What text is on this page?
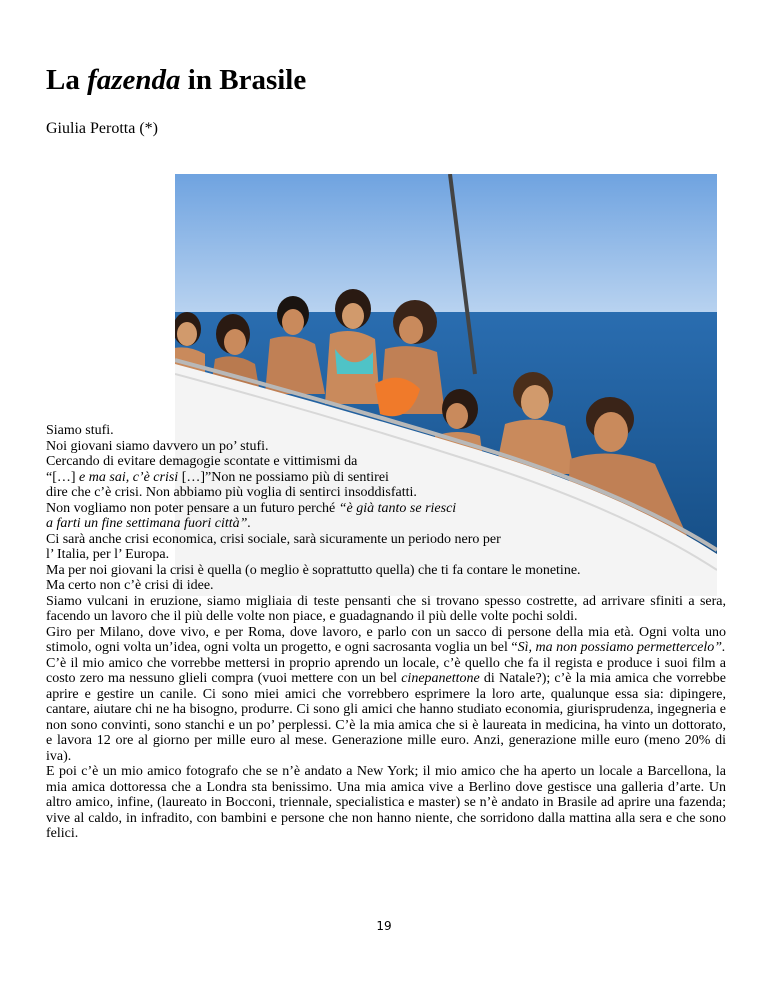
La fazenda in Brasile
Giulia Perotta (*)
Siamo stufi.
Noi giovani siamo davvero un po’ stufi.
Cercando di evitare demagogie scontate e vittimismi da
“[…] e ma sai, c’è crisi […]”Non ne possiamo più di sentirei
dire che c’è crisi. Non abbiamo più voglia di sentirci insoddisfatti.
Non vogliamo non poter pensare a un futuro perché “è già tanto se riesci
a farti un fine settimana fuori città”.
Ci sarà anche crisi economica, crisi sociale, sarà sicuramente un periodo nero per
l’ Italia, per l’ Europa.
Ma per noi giovani la crisi è quella (o meglio è soprattutto quella) che ti fa contare le monetine.
Ma certo non c’è crisi di idee.
Siamo vulcani in eruzione, siamo migliaia di teste pensanti che si trovano spesso costrette, ad arrivare sfiniti a sera, facendo un lavoro che il più delle volte non piace, e guadagnando il più delle volte pochi soldi.
Giro per Milano, dove vivo, e per Roma, dove lavoro, e parlo con un sacco di persone della mia età. Ogni volta uno stimolo, ogni volta un’idea, ogni volta un progetto, e ogni sacrosanta voglia un bel “Sì, ma non possiamo permettercelo”.
C’è il mio amico che vorrebbe mettersi in proprio aprendo un locale, c’è quello che fa il regista e produce i suoi film a costo zero ma nessuno glieli compra (vuoi mettere con un bel cinepanettone di Natale?); c’è la mia amica che vorrebbe aprire e gestire un canile. Ci sono miei amici che vorrebbero esprimere la loro arte, qualunque essa sia: dipingere, cantare, aiutare chi ne ha bisogno, produrre. Ci sono gli amici che hanno studiato economia, giurisprudenza, ingegneria e non sono convinti, sono stanchi e un po’ perplessi. C’è la mia amica che si è laureata in medicina, ha vinto un dottorato, e lavora 12 ore al giorno per mille euro al mese. Generazione mille euro. Anzi, generazione mille euro (meno 20% di iva).
E poi c’è un mio amico fotografo che se n’è andato a New York; il mio amico che ha aperto un locale a Barcellona, la mia amica dottoressa che a Londra sta benissimo. Una mia amica vive a Berlino dove gestisce una galleria d’arte. Un altro amico, infine, (laureato in Bocconi, triennale, specialistica e master) se n’è andato in Brasile ad aprire una fazenda; vive al caldo, in infradito, con bambini e persone che non hanno niente, che sorridono dalla mattina alla sera e che sono felici.
19
